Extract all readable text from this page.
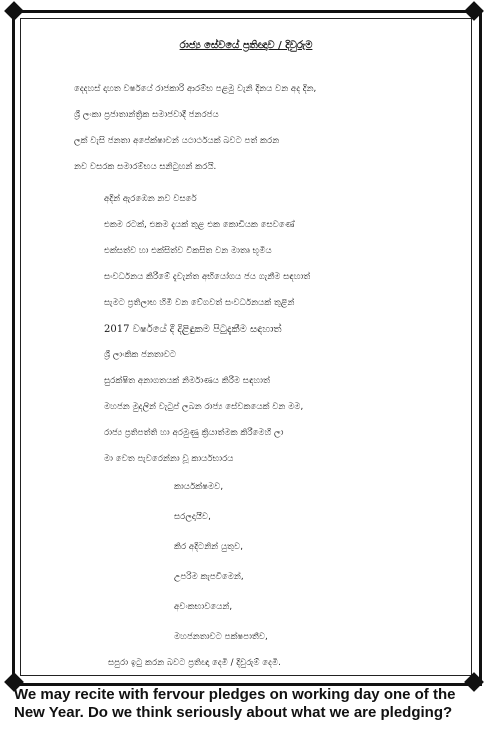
රාජ්‍ය සේවයේ ප්‍රතිඥාව / දිවුරුම
දෙදහස් දාහත වර්ෂයේ රාජකාරි ආරම්භ පළමු වැනි දිනය වන අද දින,
ශ්‍රී ලංකා ප්‍රජාතාන්ත්‍රික සමාජවාදී ජනරජය
ලක් වැසි ජනතා අපේක්ෂාවන් යථාර්ථයක් බවට පත් කරන
නව වසරක සමාරම්භය සනිටුහන් කරයි.
අදින් ඇරඹෙන නව වසරේ
එකම රටක්, එකම දැයක් තුළ එක කොඩියක සෙවණේ
එක්සත්ව හා එක්සිත්ව විකසිත වන මාතෘ භූමිය
සංවර්ධනය කිරීමේ දැවැන්ත අභියෝගය ජය ගැනීම සඳහාත්
සැමට ප්‍රතිලාභ හිමි වන වේගවත් සංවර්ධනයක් තුළින්
2017 වර්ෂයේ දී දිළිඳුකම පිටුදැකීම සඳහාත්
ශ්‍රී ලාංකික ජනතාවට
සුරක්ෂිත අනාගතයක් නිර්මාණය කිරීම සඳහාත්
මහජන මුදලින් වැටුප් ලබන රාජ්‍ය සේවකයෙක් වන මම,
රාජ්‍ය ප්‍රතිපත්ති හා අරමුණු ක්‍රියාත්මක කිරීමෙහි ලා
මා වෙත පැවරෙන්නා වූ කාර්යභාරය
කාර්යක්ෂමව,
සරලදායීව,
කිර අදිටනින් යුතුව,
උපරිම කැපවීමෙන්,
අවංකභාවයෙන්,
මහජනතාවට පක්ෂපාතීව,
සපුරා ඉටු කරන බවට ප්‍රතිඥා දෙමි / දිවුරුම් දෙමි.
We may recite with fervour pledges on working day one of the
New Year. Do we think seriously about what we are pledging?
